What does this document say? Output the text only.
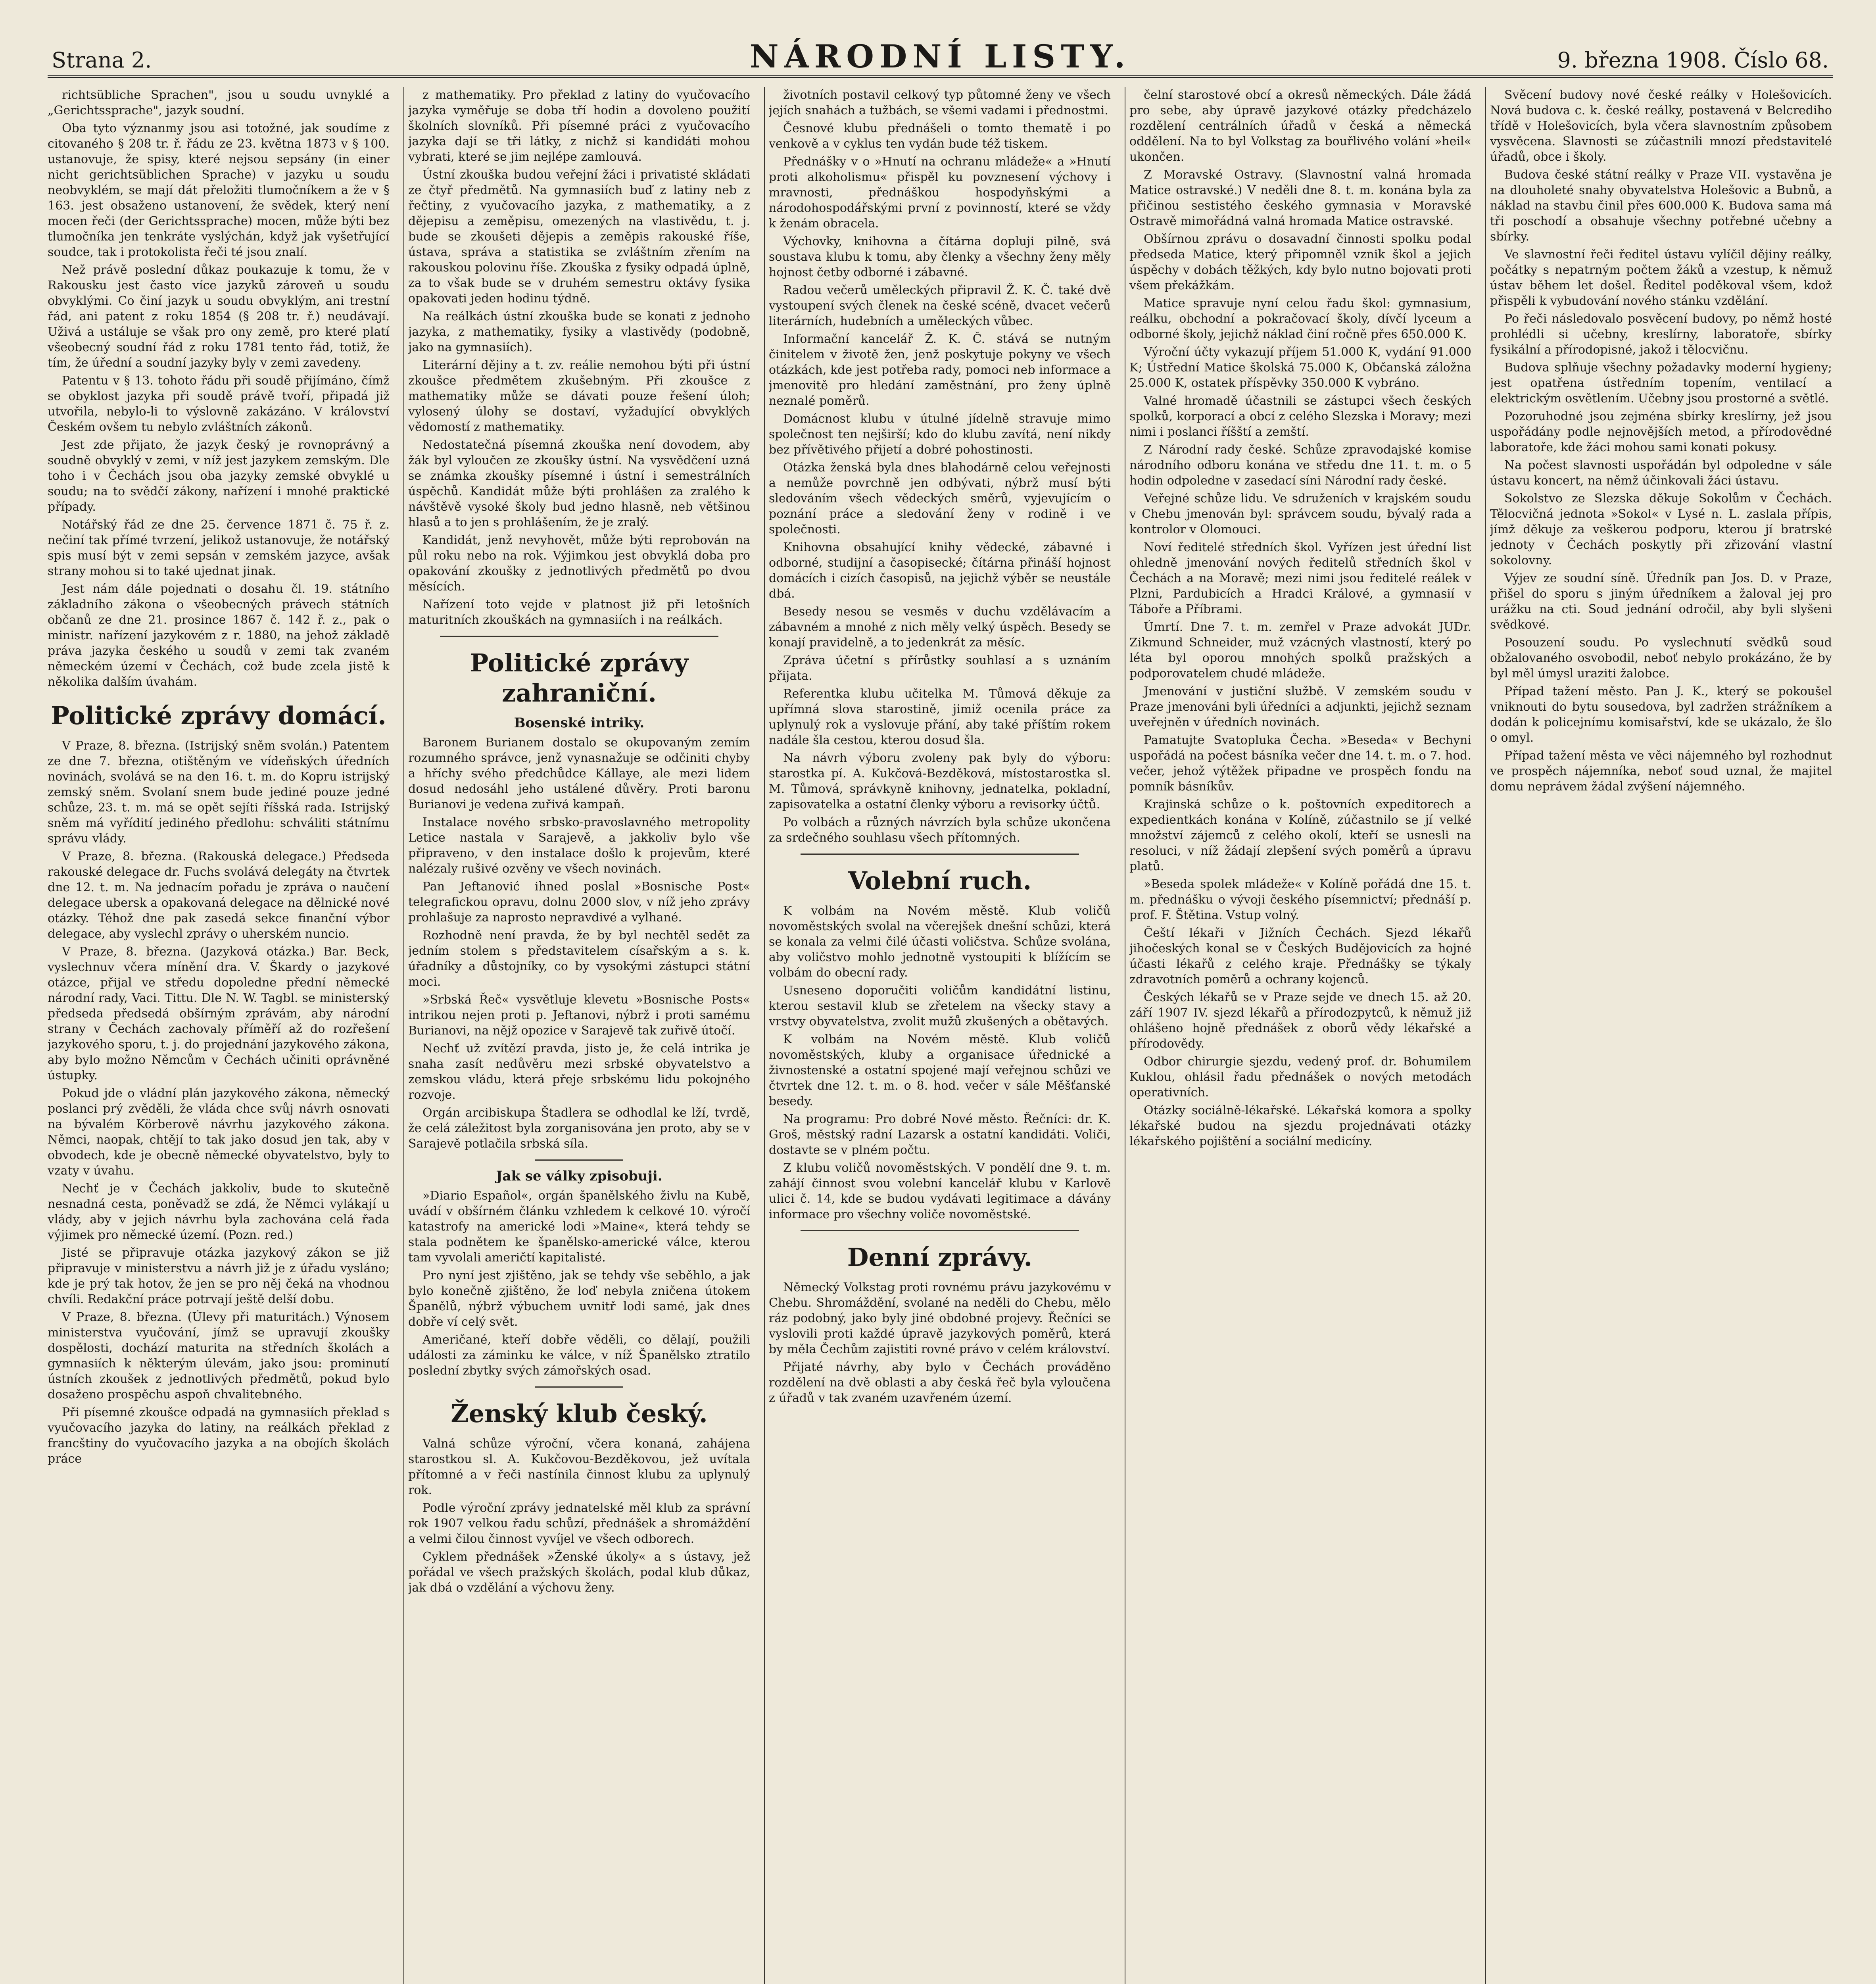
Strana 2.	NÁRODNÍ LISTY.	9. března 1908. Číslo 68.

richtsübliche Sprachen", jsou u soudu uvnyklé a „Gerichtssprache", jazyk soudní.

Oba tyto význanmy jsou asi totožné, jak soudíme z citovaného § 208 tr. ř. řádu ze 23. května 1873 v § 100. ustanovuje, že spisy, které nejsou sepsány (in einer nicht gerichtsüblichen Sprache) v jazyku u soudu neobvyklém, se mají dát přeložiti tlumočníkem a že v § 163. jest obsaženo ustanovení, že svědek, který není mocen řeči (der Gerichtssprache) mocen, může býti bez tlumočníka jen tenkráte vyslýchán, když jak vyšetřující soudce, tak i protokolista řeči té jsou znalí.

Než právě poslední důkaz poukazuje k tomu, že v Rakousku jest často více jazyků zároveň u soudu obvyklými. Co činí jazyk u soudu obvyklým, ani trestní řád, ani patent z roku 1854 (§ 208 tr. ř.) neudávají. Uživá a ustáluje se však pro ony země, pro které platí všeobecný soudní řád z roku 1781 tento řád, totiž, že tím, že úřední a soudní jazyky byly v zemi zavedeny.

Patentu v § 13. tohoto řádu při soudě přijímáno, čímž se obyklost jazyka při soudě právě tvoří, připadá již utvořila, nebylo-li to výslovně zakázáno. V království Českém ovšem tu nebylo zvláštních zákonů.

Jest zde přijato, že jazyk český je rovnoprávný a soudně obvyklý v zemi, v níž jest jazykem zemským. Dle toho i v Čechách jsou oba jazyky zemské obvyklé u soudu; na to svědčí zákony, nařízení i mnohé praktické případy.

Notářský řád ze dne 25. července 1871 č. 75 ř. z. nečiní tak přímé tvrzení, jelikož ustanovuje, že notářský spis musí být v zemi sepsán v zemském jazyce, avšak strany mohou si to také ujednat jinak.

Jest nám dále pojednati o dosahu čl. 19. státního základního zákona o všeobecných právech státních občanů ze dne 21. prosince 1867 č. 142 ř. z., pak o ministr. nařízení jazykovém z r. 1880, na jehož základě práva jazyka českého u soudů v zemi tak zvaném německém území v Čechách, což bude zcela jistě k několika dalším úvahám.

Politické zprávy domácí.

V Praze, 8. března. (Istrijský sněm svolán.) Patentem ze dne 7. března, otištěným ve vídeňských úředních novinách, svolává se na den 16. t. m. do Kopru istrijský zemský sněm. Svolaní snem bude jediné pouze jedné schůze, 23. t. m. má se opět sejíti říšská rada. Istrijský sněm má vyřídití jediného předlohu: schváliti státnímu správu vlády.

V Praze, 8. března. (Rakouská delegace.) Předseda rakouské delegace dr. Fuchs svolává delegáty na čtvrtek dne 12. t. m. Na jednacím pořadu je zpráva o naučení delegace ubersk a opakovaná delegace na dělnické nové otázky. Téhož dne pak zasedá sekce finanční výbor delegace, aby vyslechl zprávy o uherském nuncio.

V Praze, 8. března. (Jazyková otázka.) Bar. Beck, vyslechnuv včera mínění dra. V. Škardy o jazykové otázce, přijal ve středu dopoledne přední německé národní rady, Vaci. Tittu. Dle N. W. Tagbl. se ministerský předseda předsedá obšírným zprávám, aby národní strany v Čechách zachovaly příměří až do rozřešení jazykového sporu, t. j. do projednání jazykového zákona, aby bylo možno Němcům v Čechách učiniti oprávněné ústupky.

Pokud jde o vládní plán jazykového zákona, německý poslanci prý zvěděli, že vláda chce svůj návrh osnovati na bývalém Körberově návrhu jazykového zákona. Němci, naopak, chtějí to tak jako dosud jen tak, aby v obvodech, kde je obecně německé obyvatelstvo, byly to vzaty v úvahu.

Nechť je v Čechách jakkoliv, bude to skutečně nesnadná cesta, poněvadž se zdá, že Němci vylákají u vlády, aby v jejich návrhu byla zachována celá řada výjimek pro německé území. (Pozn. red.)

Jisté se připravuje otázka jazykový zákon se již připravuje v ministerstvu a návrh již je z úřadu vysláno; kde je prý tak hotov, že jen se pro něj čeká na vhodnou chvíli. Redakční práce potrvají ještě delší dobu.

V Praze, 8. března. (Úlevy při maturitách.) Výnosem ministerstva vyučování, jímž se upravují zkoušky dospělosti, dochází maturita na středních školách a gymnasiích k některým úlevám, jako jsou: prominutí ústních zkoušek z jednotlivých předmětů, pokud bylo dosaženo prospěchu aspoň chvalitebného.

Při písemné zkoušce odpadá na gymnasiích překlad s vyučovacího jazyka do latiny, na reálkách překlad z francštiny do vyučovacího jazyka a na obojích školách práce

z mathematiky. Pro překlad z latiny do vyučovacího jazyka vyměřuje se doba tří hodin a dovoleno použití školních slovníků. Při písemné práci z vyučovacího jazyka dají se tři látky, z nichž si kandidáti mohou vybrati, které se jim nejlépe zamlouvá.

Ústní zkouška budou veřejní žáci i privatisté skládati ze čtyř předmětů. Na gymnasiích buď z latiny neb z řečtiny, z vyučovacího jazyka, z mathematiky, a z dějepisu a zeměpisu, omezených na vlastivědu, t. j. bude se zkoušeti dějepis a zeměpis rakouské říše, ústava, správa a statistika se zvláštním zřením na rakouskou polovinu říše. Zkouška z fysiky odpadá úplně, za to však bude se v druhém semestru oktávy fysika opakovati jeden hodinu týdně.

Na reálkách ústní zkouška bude se konati z jednoho jazyka, z mathematiky, fysiky a vlastivědy (podobně, jako na gymnasiích).

Literární dějiny a t. zv. reálie nemohou býti při ústní zkoušce předmětem zkušebným. Při zkoušce z mathematiky může se dávati pouze řešení úloh; vylosený úlohy se dostaví, vyžadující obvyklých vědomostí z mathematiky.

Nedostatečná písemná zkouška není dovodem, aby žák byl vyloučen ze zkoušky ústní. Na vysvědčení uzná se známka zkoušky písemné i ústní i semestrálních úspěchů. Kandidát může býti prohlášen za zralého k návštěvě vysoké školy bud jedno hlasně, neb většinou hlasů a to jen s prohlášením, že je zralý.

Kandidát, jenž nevyhovět, může býti reprobován na půl roku nebo na rok. Výjimkou jest obvyklá doba pro opakování zkoušky z jednotlivých předmětů po dvou měsících.

Nařízení toto vejde v platnost již při letošních maturitních zkouškách na gymnasiích i na reálkách.

Politické zprávy zahraniční.
Bosenské intriky.

Baronem Burianem dostalo se okupovaným zemím rozumného správce, jenž vynasnažuje se odčiniti chyby a hříchy svého předchůdce Kállaye, ale mezi lidem dosud nedosáhl jeho ustálené důvěry. Proti baronu Burianovi je vedena zuřivá kampaň.

Instalace nového srbsko-pravoslavného metropolity Letice nastala v Sarajevě, a jakkoliv bylo vše připraveno, v den instalace došlo k projevům, které nalézaly rušivé ozvěny ve všech novinách.

Pan Jeftanović ihned poslal »Bosnische Post« telegrafickou opravu, dolnu 2000 slov, v níž jeho zprávy prohlašuje za naprosto nepravdivé a vylhané.

Rozhodně není pravda, že by byl nechtěl sedět za jedním stolem s představitelem císařským a s. k. úřadníky a důstojníky, co by vysokými zástupci státní moci.

»Srbská Řeč« vysvětluje klevetu »Bosnische Posts« intrikou nejen proti p. Jeftanovi, nýbrž i proti samému Burianovi, na nějž opozice v Sarajevě tak zuřivě útočí.

Nechť už zvítězí pravda, jisto je, že celá intrika je snaha zasít nedůvěru mezi srbské obyvatelstvo a zemskou vládu, která přeje srbskému lidu pokojného rozvoje.

Orgán arcibiskupa Štadlera se odhodlal ke lží, tvrdě, že celá záležitost byla zorganisována jen proto, aby se v Sarajevě potlačila srbská síla.

Jak se války zpisobuji.

»Diario Español«, orgán španělského živlu na Kubě, uvádí v obšírném článku vzhledem k celkové 10. výročí katastrofy na americké lodi »Maine«, která tehdy se stala podnětem ke španělsko-americké válce, kterou tam vyvolali američtí kapitalisté.

Pro nyní jest zjištěno, jak se tehdy vše seběhlo, a jak bylo konečně zjištěno, že loď nebyla zničena útokem Španělů, nýbrž výbuchem uvnitř lodi samé, jak dnes dobře ví celý svět.

Američané, kteří dobře věděli, co dělají, použili události za záminku ke válce, v níž Španělsko ztratilo poslední zbytky svých zámořských osad.

Ženský klub český.

Valná schůze výroční, včera konaná, zahájena starostkou sl. A. Kukčovou-Bezděkovou, jež uvítala přítomné a v řeči nastínila činnost klubu za uplynulý rok.

Podle výroční zprávy jednatelské měl klub za správní rok 1907 velkou řadu schůzí, přednášek a shromáždění a velmi čilou činnost vyvíjel ve všech odborech.

Cyklem přednášek »Ženské úkoly« a s ústavy, jež pořádal ve všech pražských školách, podal klub důkaz, jak dbá o vzdělání a výchovu ženy.

životních postavil celkový typ půtomné ženy ve všech jejích snahách a tužbách, se všemi vadami i přednostmi.

Česnové klubu přednášeli o tomto thematě i po venkově a v cyklus ten vydán bude též tiskem.

Přednášky v o »Hnutí na ochranu mládeže« a »Hnutí proti alkoholismu« přispěl ku povznesení výchovy i mravnosti, přednáškou hospodyňskými a národohospodářskými první z povinností, které se vždy k ženám obracela.

Výchovky, knihovna a čítárna dopluji pilně, svá soustava klubu k tomu, aby členky a všechny ženy měly hojnost četby odborné i zábavné.

Radou večerů uměleckých připravil Ž. K. Č. také dvě vystoupení svých členek na české scéně, dvacet večerů literárních, hudebních a uměleckých vůbec.

Informační kancelář Ž. K. Č. stává se nutným činitelem v životě žen, jenž poskytuje pokyny ve všech otázkách, kde jest potřeba rady, pomoci neb informace a jmenovitě pro hledání zaměstnání, pro ženy úplně neznalé poměrů.

Domácnost klubu v útulné jídelně stravuje mimo společnost ten nejširší; kdo do klubu zavítá, není nikdy bez přívětivého přijetí a dobré pohostinosti.

Otázka ženská byla dnes blahodárně celou veřejnosti a nemůže povrchně jen odbývati, nýbrž musí býti sledováním všech vědeckých směrů, vyjevujícím o poznání práce a sledování ženy v rodině i ve společnosti.

Knihovna obsahující knihy vědecké, zábavné i odborné, studijní a časopisecké; čítárna přináší hojnost domácích i cizích časopisů, na jejichž výběr se neustále dbá.

Besedy nesou se vesměs v duchu vzdělávacím a zábavném a mnohé z nich měly velký úspěch. Besedy se konají pravidelně, a to jedenkrát za měsíc.

Zpráva účetní s přírůstky souhlasí a s uznáním přijata.

Referentka klubu učitelka M. Tůmová děkuje za upřímná slova starostině, jimiž ocenila práce za uplynulý rok a vyslovuje přání, aby také příštím rokem nadále šla cestou, kterou dosud šla.

Na návrh výboru zvoleny pak byly do výboru: starostka pí. A. Kukčová-Bezděková, místostarostka sl. M. Tůmová, správkyně knihovny, jednatelka, pokladní, zapisovatelka a ostatní členky výboru a revisorky účtů.

Po volbách a různých návrzích byla schůze ukončena za srdečného souhlasu všech přítomných.

Volební ruch.

K volbám na Novém městě. Klub voličů novoměstských svolal na včerejšek dnešní schůzi, která se konala za velmi čilé účasti voličstva. Schůze svolána, aby voličstvo mohlo jednotně vystoupiti k blížícím se volbám do obecní rady.

Usneseno doporučiti voličům kandidátní listinu, kterou sestavil klub se zřetelem na všecky stavy a vrstvy obyvatelstva, zvolit mužů zkušených a obětavých.

K volbám na Novém městě. Klub voličů novoměstských, kluby a organisace úřednické a živnostenské a ostatní spojené mají veřejnou schůzi ve čtvrtek dne 12. t. m. o 8. hod. večer v sále Měšťanské besedy.

Na programu: Pro dobré Nové město. Řečníci: dr. K. Groš, městský radní Lazarsk a ostatní kandidáti. Voliči, dostavte se v plném počtu.

Z klubu voličů novoměstských. V pondělí dne 9. t. m. zahájí činnost svou volební kancelář klubu v Karlově ulici č. 14, kde se budou vydávati legitimace a dávány informace pro všechny voliče novoměstské.

Denní zprávy.

Německý Volkstag proti rovnému právu jazykovému v Chebu. Shromáždění, svolané na neděli do Chebu, mělo ráz podobný, jako byly jiné obdobné projevy. Řečníci se vyslovili proti každé úpravě jazykových poměrů, která by měla Čechům zajistiti rovné právo v celém království.

Přijaté návrhy, aby bylo v Čechách prováděno rozdělení na dvě oblasti a aby česká řeč byla vyloučena z úřadů v tak zvaném uzavřeném území.

čelní starostové obcí a okresů německých. Dále žádá pro sebe, aby úpravě jazykové otázky předcházelo rozdělení centrálních úřadů v česká a německá oddělení. Na to byl Volkstag za bouřlivého volání »heil« ukončen.

Z Moravské Ostravy. (Slavnostní valná hromada Matice ostravské.) V neděli dne 8. t. m. konána byla za přičinou sestistého českého gymnasia v Moravské Ostravě mimořádná valná hromada Matice ostravské.

Obšírnou zprávu o dosavadní činnosti spolku podal předseda Matice, který připomněl vznik škol a jejich úspěchy v dobách těžkých, kdy bylo nutno bojovati proti všem překážkám.

Matice spravuje nyní celou řadu škol: gymnasium, reálku, obchodní a pokračovací školy, dívčí lyceum a odborné školy, jejichž náklad činí ročně přes 650.000 K.

Výroční účty vykazují příjem 51.000 K, vydání 91.000 K; Ústřední Matice školská 75.000 K, Občanská záložna 25.000 K, ostatek příspěvky 350.000 K vybráno.

Valné hromadě účastnili se zástupci všech českých spolků, korporací a obcí z celého Slezska i Moravy; mezi nimi i poslanci říšští a zemští.

Z Národní rady české. Schůze zpravodajské komise národního odboru konána ve středu dne 11. t. m. o 5 hodin odpoledne v zasedací síni Národní rady české.

Veřejné schůze lidu. Ve sdruženích v krajském soudu v Chebu jmenován byl: správcem soudu, bývalý rada a kontrolor v Olomouci.

Noví ředitelé středních škol. Vyřízen jest úřední list ohledně jmenování nových ředitelů středních škol v Čechách a na Moravě; mezi nimi jsou ředitelé reálek v Plzni, Pardubicích a Hradci Králové, a gymnasií v Táboře a Příbrami.

Úmrtí. Dne 7. t. m. zemřel v Praze advokát JUDr. Zikmund Schneider, muž vzácných vlastností, který po léta byl oporou mnohých spolků pražských a podporovatelem chudé mládeže.

Jmenování v justiční službě. V zemském soudu v Praze jmenováni byli úředníci a adjunkti, jejichž seznam uveřejněn v úředních novinách.

Pamatujte Svatopluka Čecha. »Beseda« v Bechyni uspořádá na počest básníka večer dne 14. t. m. o 7. hod. večer, jehož výtěžek připadne ve prospěch fondu na pomník básníkův.

Krajinská schůze o k. poštovních expeditorech a expedientkách konána v Kolíně, zúčastnilo se jí velké množství zájemců z celého okolí, kteří se usnesli na resoluci, v níž žádají zlepšení svých poměrů a úpravu platů.

»Beseda spolek mládeže« v Kolíně pořádá dne 15. t. m. přednášku o vývoji českého písemnictví; přednáší p. prof. F. Štětina. Vstup volný.

Čeští lékaři v Jižních Čechách. Sjezd lékařů jihočeských konal se v Českých Budějovicích za hojné účasti lékařů z celého kraje. Přednášky se týkaly zdravotních poměrů a ochrany kojenců.

Českých lékařů se v Praze sejde ve dnech 15. až 20. září 1907 IV. sjezd lékařů a přírodozpytců, k němuž již ohlášeno hojně přednášek z oborů vědy lékařské a přírodovědy.

Odbor chirurgie sjezdu, vedený prof. dr. Bohumilem Kuklou, ohlásil řadu přednášek o nových metodách operativních.

Otázky sociálně-lékařské. Lékařská komora a spolky lékařské budou na sjezdu projednávati otázky lékařského pojištění a sociální medicíny.

Svěcení budovy nové české reálky v Holešovicích. Nová budova c. k. české reálky, postavená v Belcrediho třídě v Holešovicích, byla včera slavnostním způsobem vysvěcena. Slavnosti se zúčastnili mnozí představitelé úřadů, obce i školy.

Budova české státní reálky v Praze VII. vystavěna je na dlouholeté snahy obyvatelstva Holešovic a Bubnů, a náklad na stavbu činil přes 600.000 K. Budova sama má tři poschodí a obsahuje všechny potřebné učebny a sbírky.

Ve slavnostní řeči ředitel ústavu vylíčil dějiny reálky, počátky s nepatrným počtem žáků a vzestup, k němuž ústav během let došel. Ředitel poděkoval všem, kdož přispěli k vybudování nového stánku vzdělání.

Po řeči následovalo posvěcení budovy, po němž hosté prohlédli si učebny, kreslírny, laboratoře, sbírky fysikální a přírodopisné, jakož i tělocvičnu.

Budova splňuje všechny požadavky moderní hygieny; jest opatřena ústředním topením, ventilací a elektrickým osvětlením. Učebny jsou prostorné a světlé.

Pozoruhodné jsou zejména sbírky kreslírny, jež jsou uspořádány podle nejnovějších metod, a přírodovědné laboratoře, kde žáci mohou sami konati pokusy.

Na počest slavnosti uspořádán byl odpoledne v sále ústavu koncert, na němž účinkovali žáci ústavu.

Sokolstvo ze Slezska děkuje Sokolům v Čechách. Tělocvičná jednota »Sokol« v Lysé n. L. zaslala přípis, jímž děkuje za veškerou podporu, kterou jí bratrské jednoty v Čechách poskytly při zřizování vlastní sokolovny.

Výjev ze soudní síně. Úředník pan Jos. D. v Praze, přišel do sporu s jiným úředníkem a žaloval jej pro urážku na cti. Soud jednání odročil, aby byli slyšeni svědkové.

Posouzení soudu. Po vyslechnutí svědků soud obžalovaného osvobodil, neboť nebylo prokázáno, že by byl měl úmysl uraziti žalobce.

Případ tažení město. Pan J. K., který se pokoušel vniknouti do bytu sousedova, byl zadržen strážníkem a dodán k policejnímu komisařství, kde se ukázalo, že šlo o omyl.

Případ tažení města ve věci nájemného byl rozhodnut ve prospěch nájemníka, neboť soud uznal, že majitel domu neprávem žádal zvýšení nájemného.
